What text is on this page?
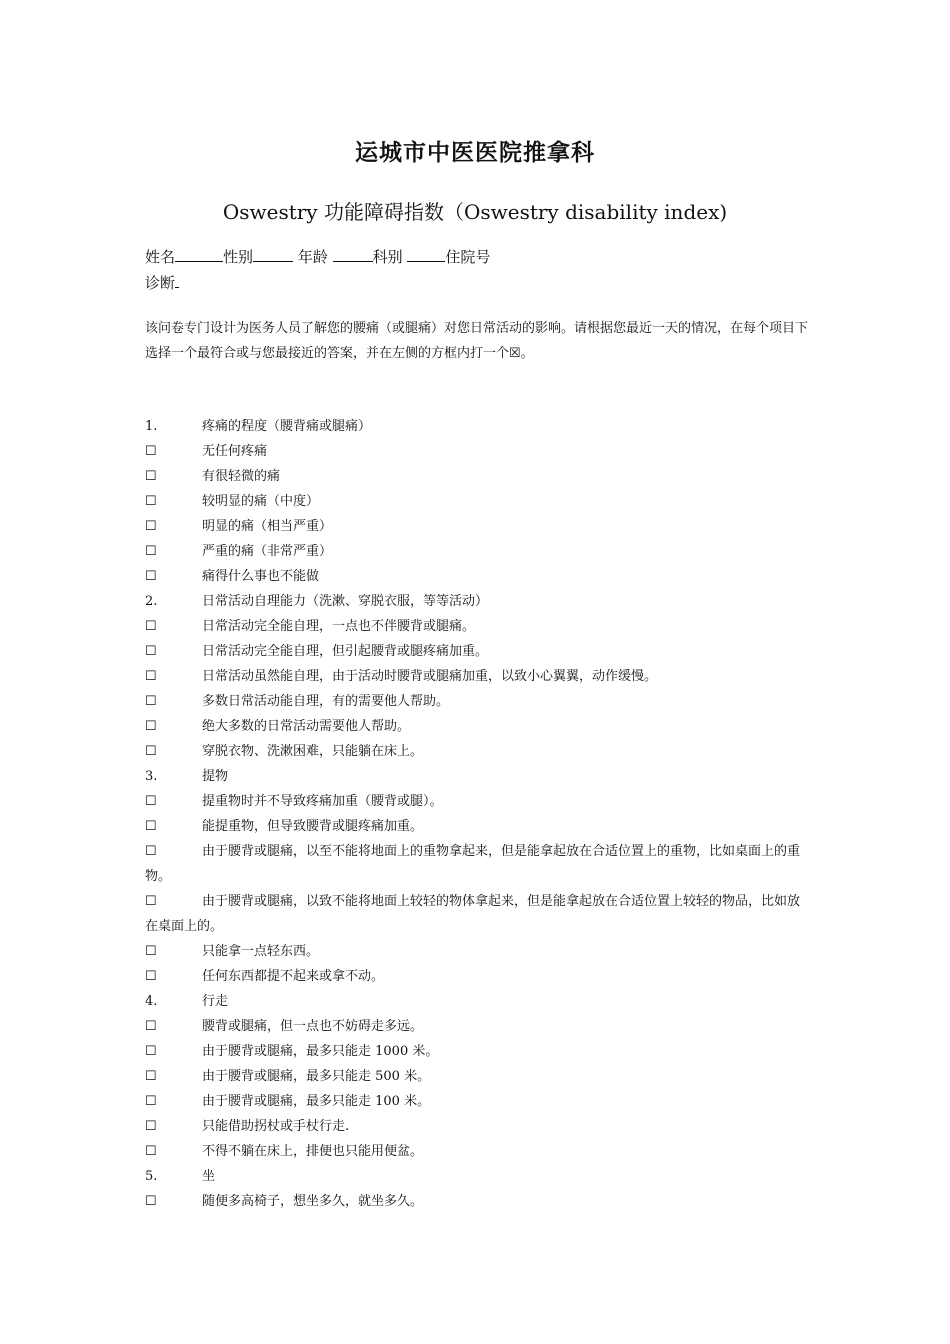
运城市中医医院推拿科
Oswestry 功能障碍指数（Oswestry disability index)
姓名	性别	年龄	科别	住院号
诊断
该问卷专门设计为医务人员了解您的腰痛（或腿痛）对您日常活动的影响。请根据您最近一天的情况，在每个项目下选择一个最符合或与您最接近的答案，并在左侧的方框内打一个☒。
1.	疼痛的程度（腰背痛或腿痛）
☐	无任何疼痛
☐	有很轻微的痛
☐	较明显的痛（中度）
☐	明显的痛（相当严重）
☐	严重的痛（非常严重）
☐	痛得什么事也不能做
2.	日常活动自理能力（洗漱、穿脱衣服，等等活动）
☐	日常活动完全能自理，一点也不伴腰背或腿痛。
☐	日常活动完全能自理，但引起腰背或腿疼痛加重。
☐	日常活动虽然能自理，由于活动时腰背或腿痛加重，以致小心翼翼，动作缓慢。
☐	多数日常活动能自理，有的需要他人帮助。
☐	绝大多数的日常活动需要他人帮助。
☐	穿脱衣物、洗漱困难，只能躺在床上。
3.	提物
☐	提重物时并不导致疼痛加重（腰背或腿）。
☐	能提重物，但导致腰背或腿疼痛加重。
☐	由于腰背或腿痛，以至不能将地面上的重物拿起来，但是能拿起放在合适位置上的重物，比如桌面上的重物。
☐	由于腰背或腿痛，以致不能将地面上较轻的物体拿起来，但是能拿起放在合适位置上较轻的物品，比如放在桌面上的。
☐	只能拿一点轻东西。
☐	任何东西都提不起来或拿不动。
4.	行走
☐	腰背或腿痛，但一点也不妨碍走多远。
☐	由于腰背或腿痛，最多只能走 1000 米。
☐	由于腰背或腿痛，最多只能走 500 米。
☐	由于腰背或腿痛，最多只能走 100 米。
☐	只能借助拐杖或手杖行走.
☐	不得不躺在床上，排便也只能用便盆。
5.	坐
☐	随便多高椅子，想坐多久，就坐多久。
